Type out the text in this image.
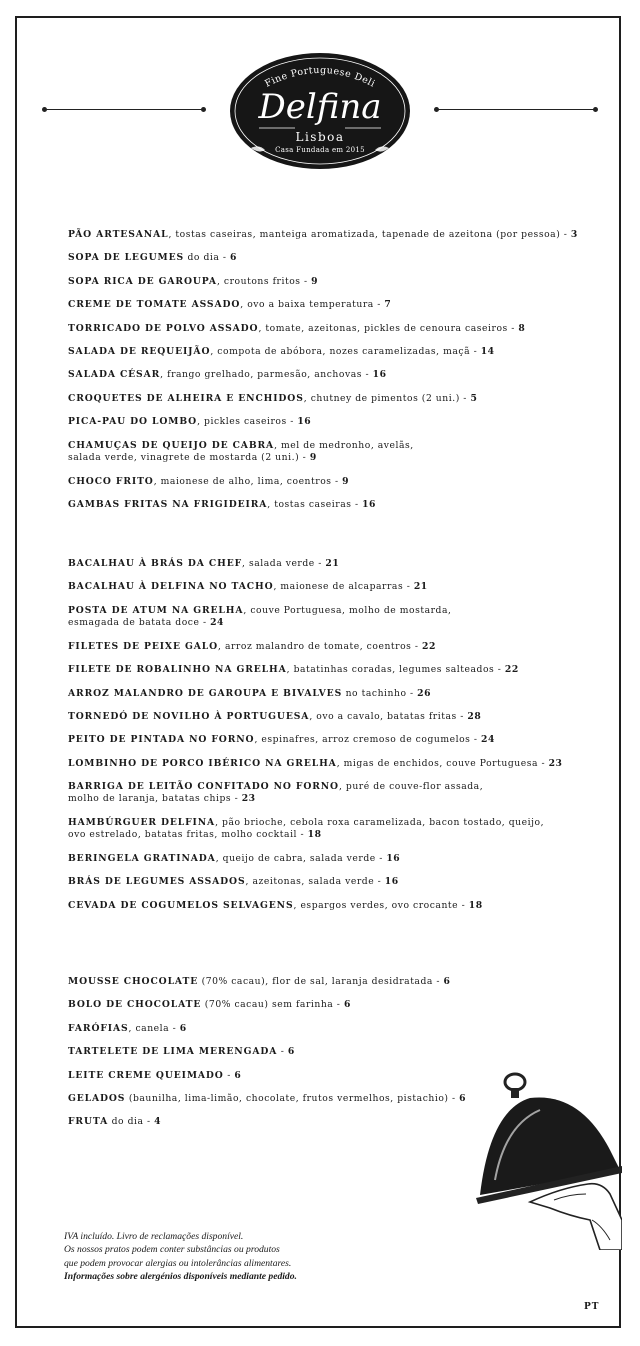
Fine Portuguese Deli
Delfina
Lisboa
Casa Fundada em 2015
PÃO ARTESANAL, tostas caseiras, manteiga aromatizada, tapenade de azeitona (por pessoa) - 3
SOPA DE LEGUMES do dia - 6
SOPA RICA DE GAROUPA, croutons fritos - 9
CREME DE TOMATE ASSADO, ovo a baixa temperatura - 7
TORRICADO DE POLVO ASSADO, tomate, azeitonas, pickles de cenoura caseiros - 8
SALADA DE REQUEIJÃO, compota de abóbora, nozes caramelizadas, maçã - 14
SALADA CÉSAR, frango grelhado, parmesão, anchovas - 16
CROQUETES DE ALHEIRA E ENCHIDOS, chutney de pimentos (2 uni.) - 5
PICA-PAU DO LOMBO, pickles caseiros - 16
CHAMUÇAS DE QUEIJO DE CABRA, mel de medronho, avelãs,
salada verde, vinagrete de mostarda (2 uni.) - 9
CHOCO FRITO, maionese de alho, lima, coentros - 9
GAMBAS FRITAS NA FRIGIDEIRA, tostas caseiras - 16
BACALHAU À BRÁS DA CHEF, salada verde - 21
BACALHAU À DELFINA NO TACHO, maionese de alcaparras - 21
POSTA DE ATUM NA GRELHA, couve Portuguesa, molho de mostarda,
esmagada de batata doce - 24
FILETES DE PEIXE GALO, arroz malandro de tomate, coentros - 22
FILETE DE ROBALINHO NA GRELHA, batatinhas coradas, legumes salteados - 22
ARROZ MALANDRO DE GAROUPA E BIVALVES no tachinho - 26
TORNEDÓ DE NOVILHO À PORTUGUESA, ovo a cavalo, batatas fritas - 28
PEITO DE PINTADA NO FORNO, espinafres, arroz cremoso de cogumelos - 24
LOMBINHO DE PORCO IBÉRICO NA GRELHA, migas de enchidos, couve Portuguesa - 23
BARRIGA DE LEITÃO CONFITADO NO FORNO, puré de couve-flor assada,
molho de laranja, batatas chips - 23
HAMBÚRGUER DELFINA, pão brioche, cebola roxa caramelizada, bacon tostado, queijo,
ovo estrelado, batatas fritas, molho cocktail - 18
BERINGELA GRATINADA, queijo de cabra, salada verde - 16
BRÁS DE LEGUMES ASSADOS, azeitonas, salada verde - 16
CEVADA DE COGUMELOS SELVAGENS, espargos verdes, ovo crocante - 18
MOUSSE CHOCOLATE (70% cacau), flor de sal, laranja desidratada - 6
BOLO DE CHOCOLATE (70% cacau) sem farinha - 6
FARÓFIAS, canela - 6
TARTELETE DE LIMA MERENGADA - 6
LEITE CREME QUEIMADO - 6
GELADOS (baunilha, lima-limão, chocolate, frutos vermelhos, pistachio) - 6
FRUTA do dia - 4
IVA incluído. Livro de reclamações disponível.
Os nossos pratos podem conter substâncias ou produtos
que podem provocar alergias ou intolerâncias alimentares.
Informações sobre alergénios disponíveis mediante pedido.
PT
